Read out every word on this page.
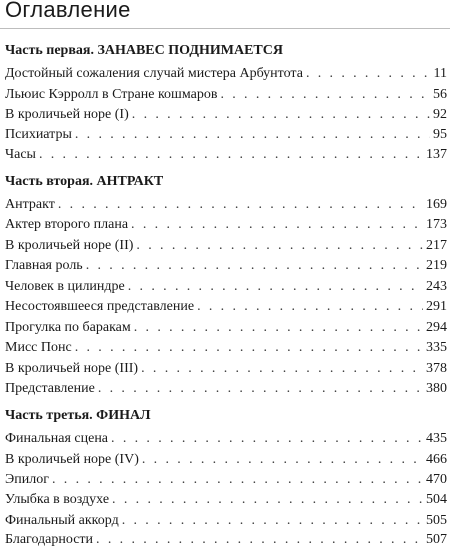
Оглавление
Часть первая. ЗАНАВЕС ПОДНИМАЕТСЯ
Достойный сожаления случай мистера Арбунтота . . .	11
Льюис Кэрролл в Стране кошмаров . . .	56
В кроличьей норе (I) . . .	92
Психиатры . . .	95
Часы . . .	137
Часть вторая. АНТРАКТ
Антракт . . .	169
Актер второго плана . . .	173
В кроличьей норе (II) . . .	217
Главная роль . . .	219
Человек в цилиндре . . .	243
Несостоявшееся представление . . .	291
Прогулка по баракам . . .	294
Мисс Понс . . .	335
В кроличьей норе (III) . . .	378
Представление . . .	380
Часть третья. ФИНАЛ
Финальная сцена . . .	435
В кроличьей норе (IV) . . .	466
Эпилог . . .	470
Улыбка в воздухе . . .	504
Финальный аккорд . . .	505
Благодарности . . .	507
